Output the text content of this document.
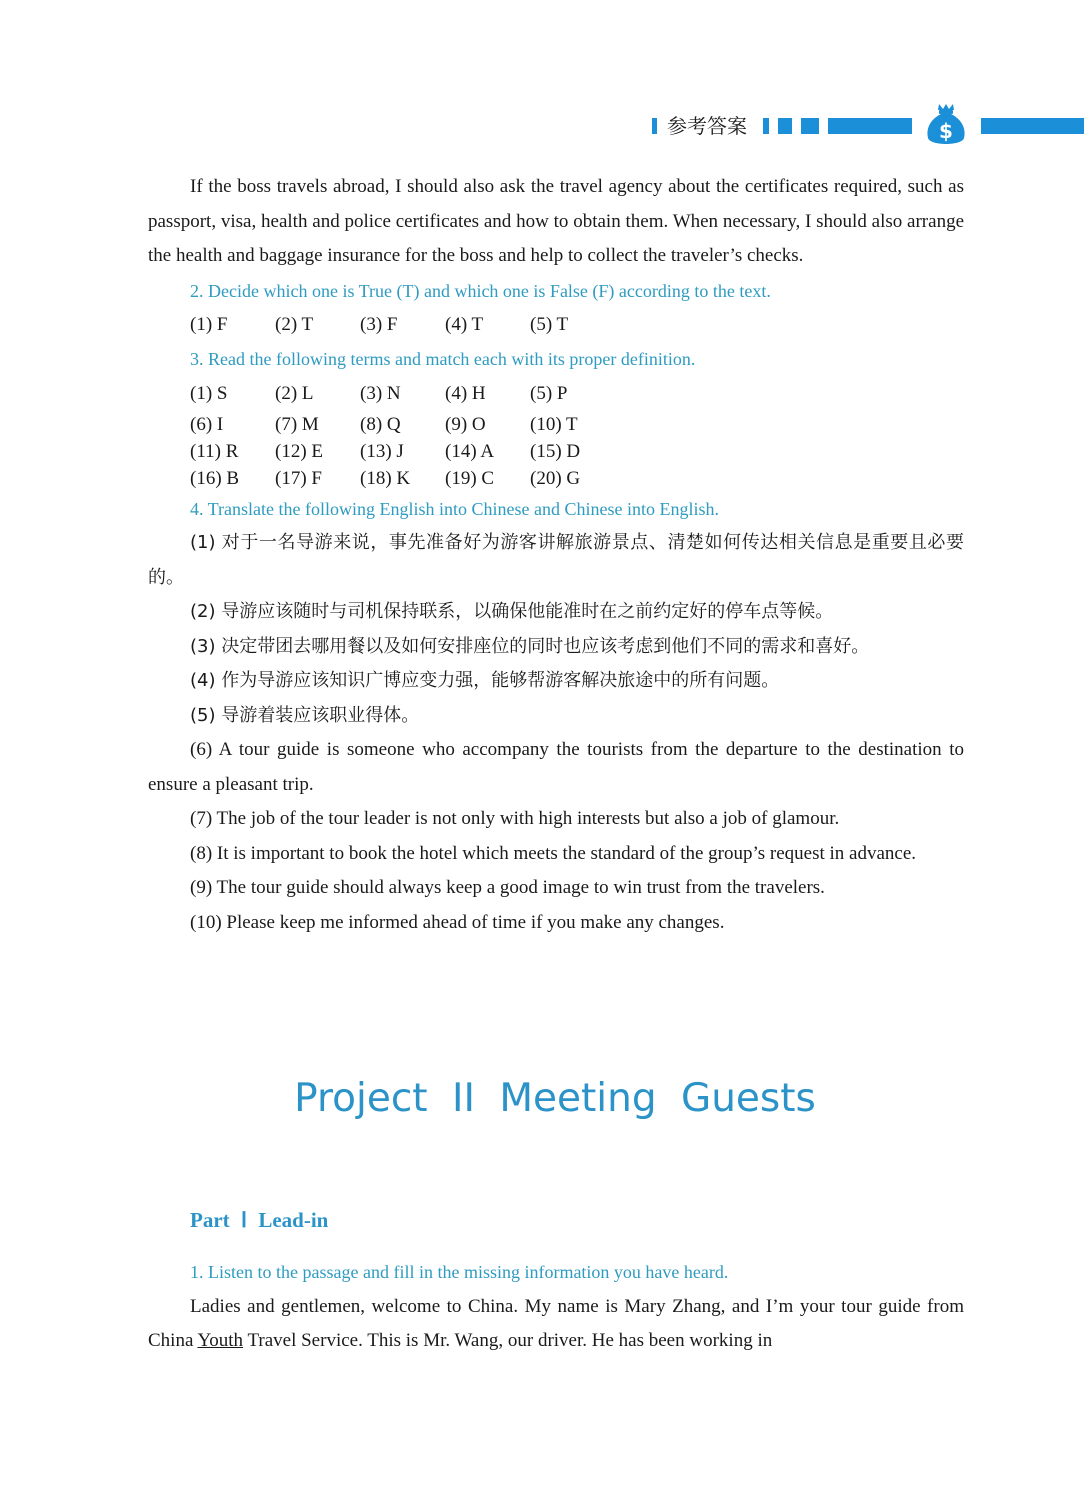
参考答案	$

If the boss travels abroad, I should also ask the travel agency about the certificates required, such as passport, visa, health and police certificates and how to obtain them. When necessary, I should also arrange the health and baggage insurance for the boss and help to collect the traveler’s checks.

2. Decide which one is True (T) and which one is False (F) according to the text.

(1) F	(2) T	(3) F	(4) T	(5) T

3. Read the following terms and match each with its proper definition.

(1) S	(2) L	(3) N	(4) H	(5) P
(6) I	(7) M	(8) Q	(9) O	(10) T
(11) R	(12) E	(13) J	(14) A	(15) D
(16) B	(17) F	(18) K	(19) C	(20) G

4. Translate the following English into Chinese and Chinese into English.

(1) 对于一名导游来说，事先准备好为游客讲解旅游景点、清楚如何传达相关信息是重要且必要的。

(2) 导游应该随时与司机保持联系，以确保他能准时在之前约定好的停车点等候。

(3) 决定带团去哪用餐以及如何安排座位的同时也应该考虑到他们不同的需求和喜好。

(4) 作为导游应该知识广博应变力强，能够帮游客解决旅途中的所有问题。

(5) 导游着装应该职业得体。

(6) A tour guide is someone who accompany the tourists from the departure to the destination to ensure a pleasant trip.

(7) The job of the tour leader is not only with high interests but also a job of glamour.

(8) It is important to book the hotel which meets the standard of the group’s request in advance.

(9) The tour guide should always keep a good image to win trust from the travelers.

(10) Please keep me informed ahead of time if you make any changes.

Project II Meeting Guests
Part Ⅰ Lead-in

1. Listen to the passage and fill in the missing information you have heard.

Ladies and gentlemen, welcome to China. My name is Mary Zhang, and I’m your tour guide from China Youth Travel Service. This is Mr. Wang, our driver. He has been working in
